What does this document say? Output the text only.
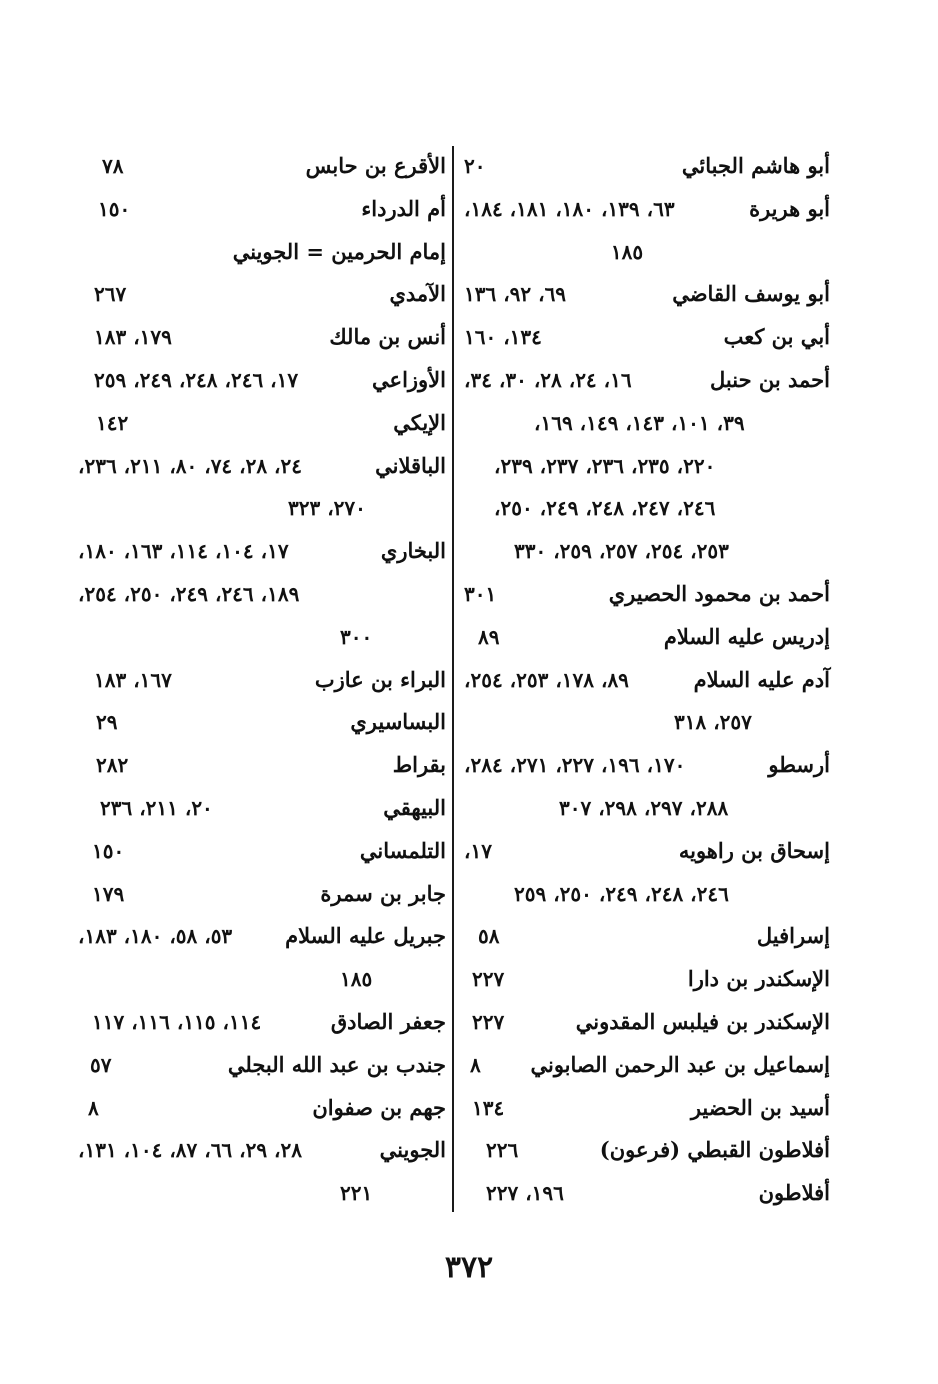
أبو هاشم الجبائي
٢٠
أبو هريرة
٦٣، ١٣٩، ١٨٠، ١٨١، ١٨٤،
١٨٥
أبو يوسف القاضي
٦٩، ٩٢، ١٣٦
أبي بن كعب
١٣٤، ١٦٠
أحمد بن حنبل
١٦، ٢٤، ٢٨، ٣٠، ٣٤،
٣٩، ١٠١، ١٤٣، ١٤٩، ١٦٩،
٢٢٠، ٢٣٥، ٢٣٦، ٢٣٧، ٢٣٩،
٢٤٦، ٢٤٧، ٢٤٨، ٢٤٩، ٢٥٠،
٢٥٣، ٢٥٤، ٢٥٧، ٢٥٩، ٣٣٠
أحمد بن محمود الحصيري
٣٠١
إدريس عليه السلام
٨٩
آدم عليه السلام
٨٩، ١٧٨، ٢٥٣، ٢٥٤،
٢٥٧، ٣١٨
أرسطو
١٧٠، ١٩٦، ٢٢٧، ٢٧١، ٢٨٤،
٢٨٨، ٢٩٧، ٢٩٨، ٣٠٧
إسحاق بن راهويه
١٧،
٢٤٦، ٢٤٨، ٢٤٩، ٢٥٠، ٢٥٩
إسرافيل
٥٨
الإسكندر بن دارا
٢٢٧
الإسكندر بن فيلبس المقدوني
٢٢٧
إسماعيل بن عبد الرحمن الصابوني
٨
أسيد بن الحضير
١٣٤
أفلاطون القبطي (فرعون)
٢٢٦
أفلاطون
١٩٦، ٢٢٧
الأقرع بن حابس
٧٨
أم الدرداء
١٥٠
إمام الحرمين = الجويني
الآمدي
٢٦٧
أنس بن مالك
١٧٩، ١٨٣
الأوزاعي
١٧، ٢٤٦، ٢٤٨، ٢٤٩، ٢٥٩
الإيكي
١٤٢
الباقلاني
٢٤، ٢٨، ٧٤، ٨٠، ٢١١، ٢٣٦،
٢٧٠، ٣٢٣
البخاري
١٧، ١٠٤، ١١٤، ١٦٣، ١٨٠،
١٨٩، ٢٤٦، ٢٤٩، ٢٥٠، ٢٥٤،
٣٠٠
البراء بن عازب
١٦٧، ١٨٣
البساسيري
٢٩
بقراط
٢٨٢
البيهقي
٢٠، ٢١١، ٢٣٦
التلمساني
١٥٠
جابر بن سمرة
١٧٩
جبريل عليه السلام
٥٣، ٥٨، ١٨٠، ١٨٣،
١٨٥
جعفر الصادق
١١٤، ١١٥، ١١٦، ١١٧
جندب بن عبد الله البجلي
٥٧
جهم بن صفوان
٨
الجويني
٢٨، ٢٩، ٦٦، ٨٧، ١٠٤، ١٣١،
٢٢١
٣٧٢
